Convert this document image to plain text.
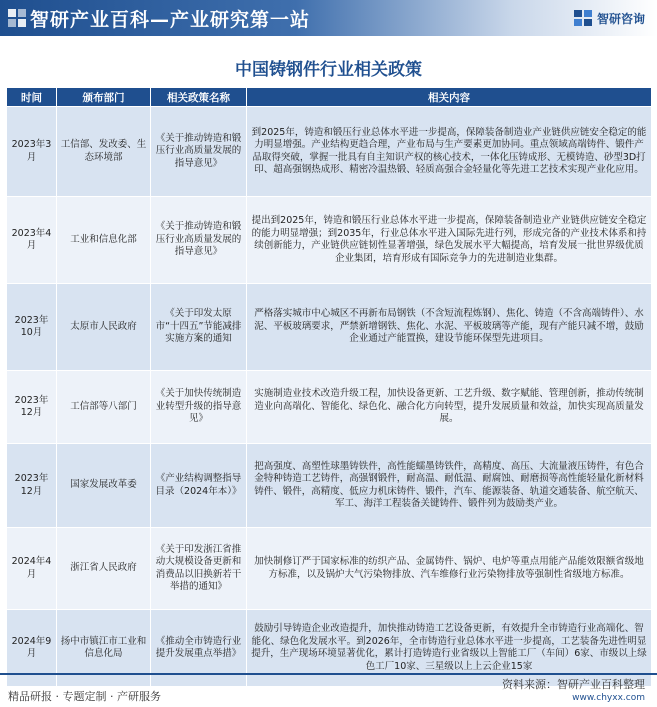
智研产业百科—产业研究第一站	智研咨询
中国铸钢件行业相关政策
时间	颁布部门	相关政策名称	相关内容
2023年3月	工信部、发改委、生态环境部	《关于推动铸造和锻压行业高质量发展的指导意见》	到2025年，铸造和锻压行业总体水平进一步提高，保障装备制造业产业链供应链安全稳定的能力明显增强。产业结构更趋合理，产业布局与生产要素更加协同。重点领域高端铸件、锻件产品取得突破，掌握一批具有自主知识产权的核心技术，一体化压铸成形、无模铸造、砂型3D打印、超高强钢热成形、精密冷温热锻、轻质高强合金轻量化等先进工艺技术实现产业化应用。
2023年4月	工业和信息化部	《关于推动铸造和锻压行业高质量发展的指导意见》	提出到2025年，铸造和锻压行业总体水平进一步提高，保障装备制造业产业链供应链安全稳定的能力明显增强；到2035年，行业总体水平进入国际先进行列，形成完备的产业技术体系和持续创新能力，产业链供应链韧性显著增强，绿色发展水平大幅提高，培育发展一批世界级优质企业集团，培育形成有国际竞争力的先进制造业集群。
2023年10月	太原市人民政府	《关于印发太原市“十四五”节能减排实施方案的通知	严格落实城市中心城区不再新布局钢铁（不含短流程炼钢）、焦化、铸造（不含高端铸件）、水泥、平板玻璃要求，严禁新增钢铁、焦化、水泥、平板玻璃等产能，现有产能只减不增，鼓励企业通过产能置换，建设节能环保型先进项目。
2023年12月	工信部等八部门	《关于加快传统制造业转型升级的指导意见》	实施制造业技术改造升级工程，加快设备更新、工艺升级、数字赋能、管理创新，推动传统制造业向高端化、智能化、绿色化、融合化方向转型，提升发展质量和效益，加快实现高质量发展。
2023年12月	国家发展改革委	《产业结构调整指导目录（2024年本）》	把高强度、高塑性球墨铸铁件，高性能蠕墨铸铁件，高精度、高压、大流量液压铸件，有色合金特种铸造工艺铸件，高强钢锻件，耐高温、耐低温、耐腐蚀、耐磨损等高性能轻量化新材料铸件、锻件，高精度、低应力机床铸件、锻件，汽车、能源装备、轨道交通装备、航空航天、军工、海洋工程装备关键铸件、锻件列为鼓励类产业。
2024年4月	浙江省人民政府	《关于印发浙江省推动大规模设备更新和消费品以旧换新若干举措的通知》	加快制修订严于国家标准的纺织产品、金属铸件、锅炉、电炉等重点用能产品能效限额省级地方标准，以及锅炉大气污染物排放、汽车维修行业污染物排放等强制性省级地方标准。
2024年9月	扬中市镇江市工业和信息化局	《推动全市铸造行业提升发展重点举措》	鼓励引导铸造企业改造提升，加快推动铸造工艺设备更新，有效提升全市铸造行业高端化、智能化、绿色化发展水平。到2026年，全市铸造行业总体水平进一步提高，工艺装备先进性明显提升，生产现场环境显著优化，累计打造铸造行业省级以上智能工厂（车间）6家、市级以上绿色工厂10家、三星级以上上云企业15家
精品研报 · 专题定制 · 产研服务
资料来源：智研产业百科整理
www.chyxx.com
